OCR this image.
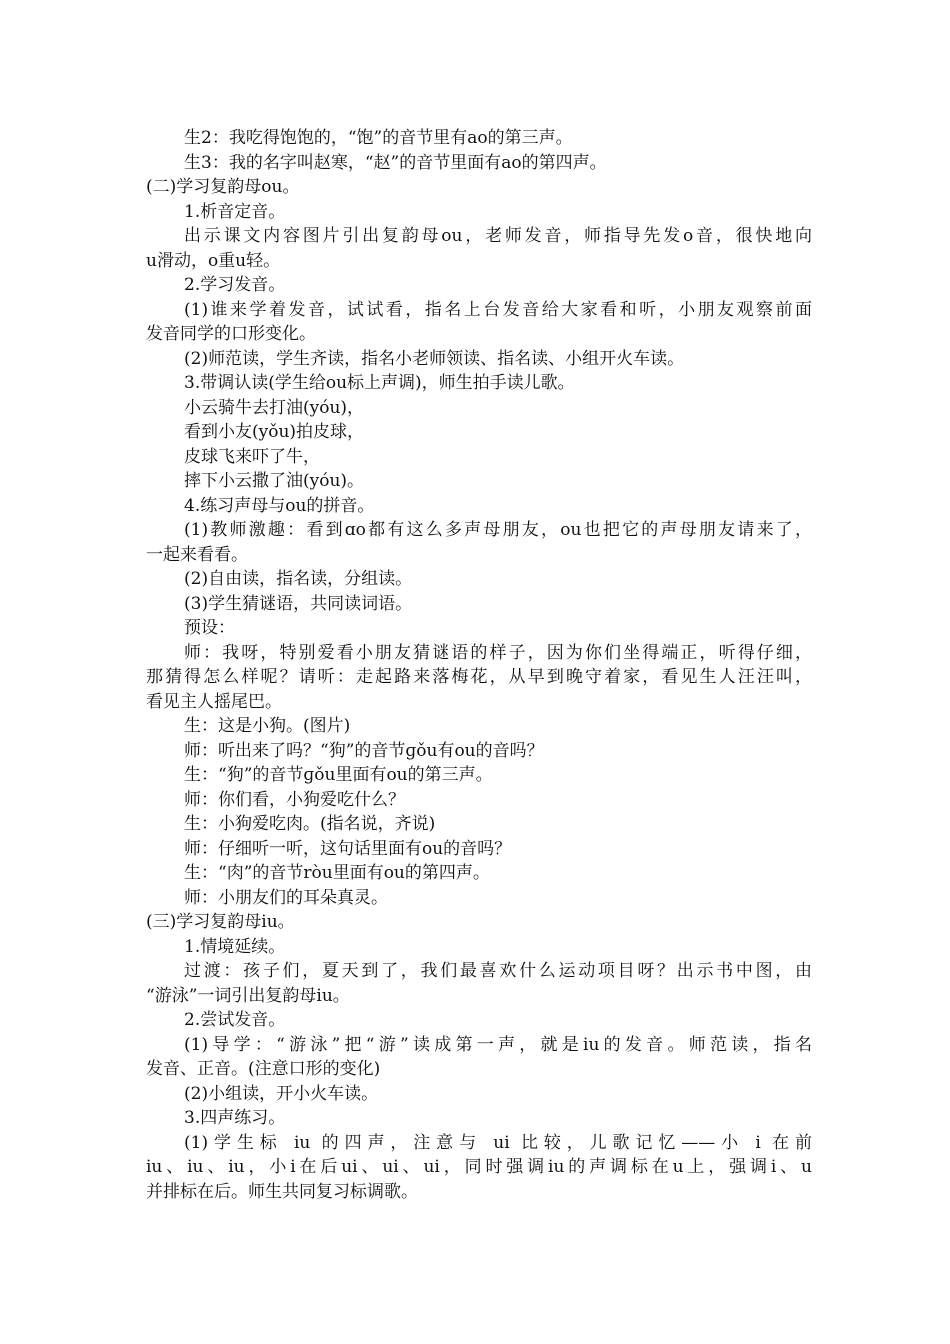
生2：我吃得饱饱的，“饱”的音节里有ao的第三声。
生3：我的名字叫赵寒，“赵”的音节里面有ao的第四声。
(二)学习复韵母ou。
1.析音定音。
出示课文内容图片引出复韵母ou，老师发音，师指导先发o音，很快地向
u滑动，o重u轻。
2.学习发音。
(1)谁来学着发音，试试看，指名上台发音给大家看和听，小朋友观察前面
发音同学的口形变化。
(2)师范读，学生齐读，指名小老师领读、指名读、小组开火车读。
3.带调认读(学生给ou标上声调)，师生拍手读儿歌。
小云骑牛去打油(yóu)，
看到小友(yǒu)拍皮球，
皮球飞来吓了牛，
摔下小云撒了油(yóu)。
4.练习声母与ou的拼音。
(1)教师激趣：看到ɑo都有这么多声母朋友，ou也把它的声母朋友请来了，
一起来看看。
(2)自由读，指名读，分组读。
(3)学生猜谜语，共同读词语。
预设：
师：我呀，特别爱看小朋友猜谜语的样子，因为你们坐得端正，听得仔细，
那猜得怎么样呢？请听：走起路来落梅花，从早到晚守着家，看见生人汪汪叫，
看见主人摇尾巴。
生：这是小狗。(图片)
师：听出来了吗？“狗”的音节ɡǒu有ou的音吗？
生：“狗”的音节ɡǒu里面有ou的第三声。
师：你们看，小狗爱吃什么？
生：小狗爱吃肉。(指名说，齐说)
师：仔细听一听，这句话里面有ou的音吗？
生：“肉”的音节ròu里面有ou的第四声。
师：小朋友们的耳朵真灵。
(三)学习复韵母iu。
1.情境延续。
过渡：孩子们，夏天到了，我们最喜欢什么运动项目呀？出示书中图，由
“游泳”一词引出复韵母iu。
2.尝试发音。
(1)导学：“游泳”把“游”读成第一声，就是iu的发音。师范读，指名
发音、正音。(注意口形的变化)
(2)小组读，开小火车读。
3.四声练习。
(1)学生标 iu 的四声，注意与 ui 比较，儿歌记忆——小 i 在前
iu、iu、iu，小i在后ui、ui、ui，同时强调iu的声调标在u上，强调i、u
并排标在后。师生共同复习标调歌。
